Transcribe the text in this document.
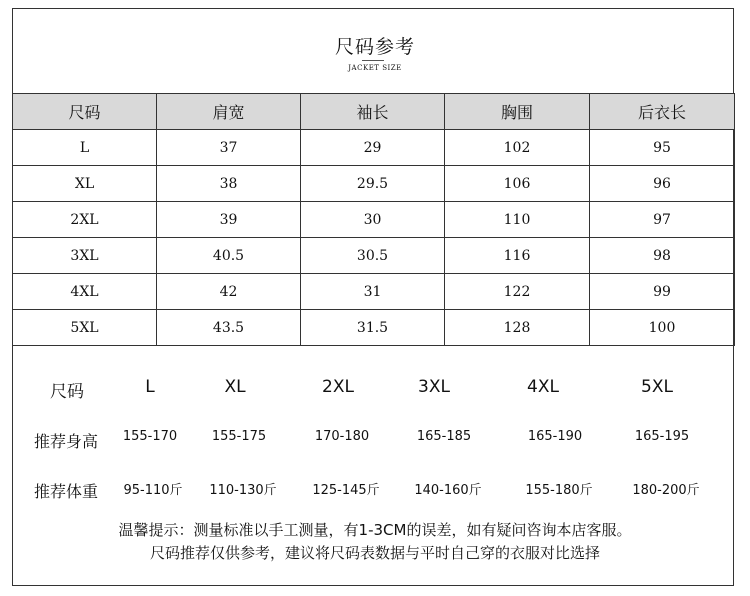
尺码参考
JACKET SIZE
尺码	肩宽	袖长	胸围	后衣长
L	37	29	102	95
XL	38	29.5	106	96
2XL	39	30	110	97
3XL	40.5	30.5	116	98
4XL	42	31	122	99
5XL	43.5	31.5	128	100
尺码	L	XL	2XL	3XL	4XL	5XL
推荐身高 155-170	155-175	170-180	165-185	165-190	165-195
推荐体重 95-110斤 110-130斤	125-145斤	140-160斤	155-180斤	180-200斤
温馨提示：测量标准以手工测量，有1-3CM的误差，如有疑问咨询本店客服。
尺码推荐仅供参考，建议将尺码表数据与平时自己穿的衣服对比选择
